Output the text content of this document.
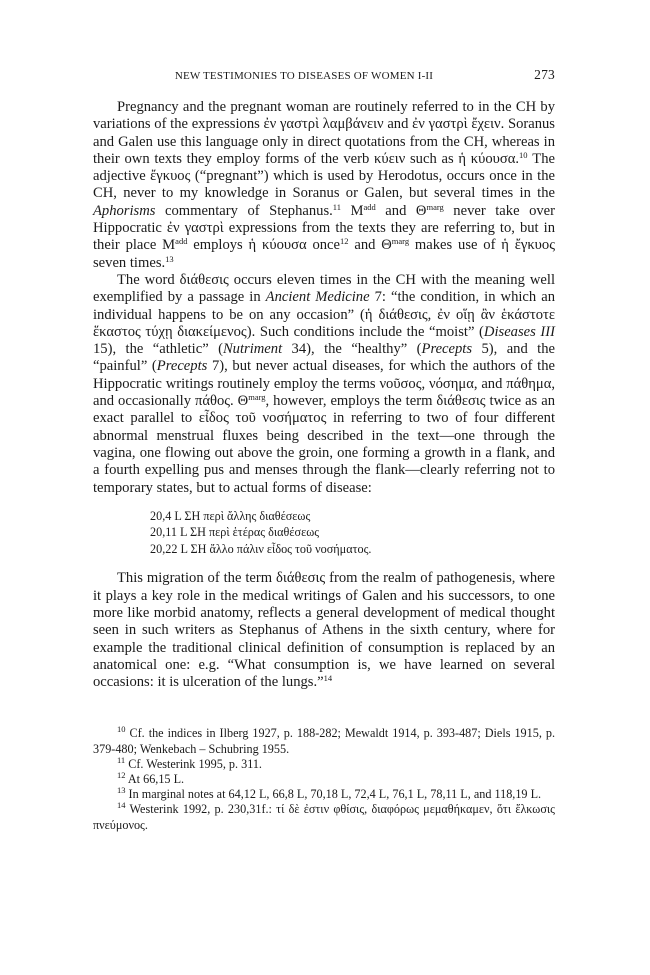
NEW TESTIMONIES TO DISEASES OF WOMEN I-II	273

Pregnancy and the pregnant woman are routinely referred to in the CH by variations of the expressions ἐν γαστρὶ λαμβάνειν and ἐν γαστρὶ ἔχειν. Soranus and Galen use this language only in direct quotations from the CH, whereas in their own texts they employ forms of the verb κύειν such as ἡ κύουσα.$^{10}$ The adjective ἔγκυος (“pregnant”) which is used by Herodotus, occurs once in the CH, never to my knowledge in Soranus or Galen, but several times in the Aphorisms commentary of Stephanus.$^{11}$ $M^{add}$ and $\Theta^{marg}$ never take over Hippocratic ἐν γαστρὶ expressions from the texts they are referring to, but in their place $M^{add}$ employs ἡ κύουσα once$^{12}$ and $\Theta^{marg}$ makes use of ἡ ἔγκυος seven times.$^{13}$

The word διάθεσις occurs eleven times in the CH with the meaning well exemplified by a passage in Ancient Medicine 7: “the condition, in which an individual happens to be on any occasion” (ἡ διάθεσις, ἐν οἵῃ ἂν ἑκάστοτε ἕκαστος τύχῃ διακείμενος). Such conditions include the “moist” (Diseases III 15), the “athletic” (Nutriment 34), the “healthy” (Precepts 5), and the “painful” (Precepts 7), but never actual diseases, for which the authors of the Hippocratic writings routinely employ the terms νοῦσος, νόσημα, and πάθημα, and occasionally πάθος. $\Theta^{marg}$, however, employs the term διάθεσις twice as an exact parallel to εἶδος τοῦ νοσήματος in referring to two of four different abnormal menstrual fluxes being described in the text—one through the vagina, one flowing out above the groin, one forming a growth in a flank, and a fourth expelling pus and menses through the flank—clearly referring not to temporary states, but to actual forms of disease:

20,4 L ΣΗ περὶ ἄλλης διαθέσεως
20,11 L ΣΗ περὶ ἑτέρας διαθέσεως
20,22 L ΣΗ ἄλλο πάλιν εἶδος τοῦ νοσήματος.

This migration of the term διάθεσις from the realm of pathogenesis, where it plays a key role in the medical writings of Galen and his successors, to one more like morbid anatomy, reflects a general development of medical thought seen in such writers as Stephanus of Athens in the sixth century, where for example the traditional clinical definition of consumption is replaced by an anatomical one: e.g. “What consumption is, we have learned on several occasions: it is ulceration of the lungs.”$^{14}$

$^{10}$ Cf. the indices in Ilberg 1927, p. 188-282; Mewaldt 1914, p. 393-487; Diels 1915, p. 379-480; Wenkebach – Schubring 1955.

$^{11}$ Cf. Westerink 1995, p. 311.

$^{12}$ At 66,15 L.

$^{13}$ In marginal notes at 64,12 L, 66,8 L, 70,18 L, 72,4 L, 76,1 L, 78,11 L, and 118,19 L.

$^{14}$ Westerink 1992, p. 230,31f.: τί δὲ ἐστιν φθίσις, διαφόρως μεμαθήκαμεν, ὅτι ἕλκωσις πνεύμονος.
